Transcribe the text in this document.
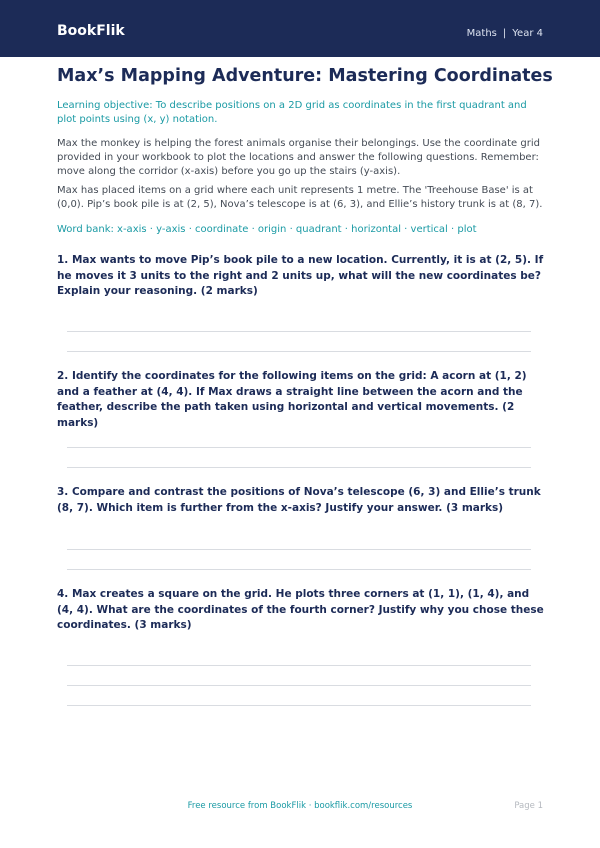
BookFlik	Maths | Year 4
Max’s Mapping Adventure: Mastering Coordinates
Learning objective: To describe positions on a 2D grid as coordinates in the first quadrant and plot points using (x, y) notation.
Max the monkey is helping the forest animals organise their belongings. Use the coordinate grid provided in your workbook to plot the locations and answer the following questions. Remember: move along the corridor (x-axis) before you go up the stairs (y-axis).
Max has placed items on a grid where each unit represents 1 metre. The 'Treehouse Base' is at (0,0). Pip’s book pile is at (2, 5), Nova’s telescope is at (6, 3), and Ellie’s history trunk is at (8, 7).
Word bank: x-axis · y-axis · coordinate · origin · quadrant · horizontal · vertical · plot
1. Max wants to move Pip’s book pile to a new location. Currently, it is at (2, 5). If he moves it 3 units to the right and 2 units up, what will the new coordinates be? Explain your reasoning. (2 marks)
2. Identify the coordinates for the following items on the grid: A acorn at (1, 2) and a feather at (4, 4). If Max draws a straight line between the acorn and the feather, describe the path taken using horizontal and vertical movements. (2 marks)
3. Compare and contrast the positions of Nova’s telescope (6, 3) and Ellie’s trunk (8, 7). Which item is further from the x-axis? Justify your answer. (3 marks)
4. Max creates a square on the grid. He plots three corners at (1, 1), (1, 4), and (4, 4). What are the coordinates of the fourth corner? Justify why you chose these coordinates. (3 marks)
Free resource from BookFlik · bookflik.com/resources	Page 1
